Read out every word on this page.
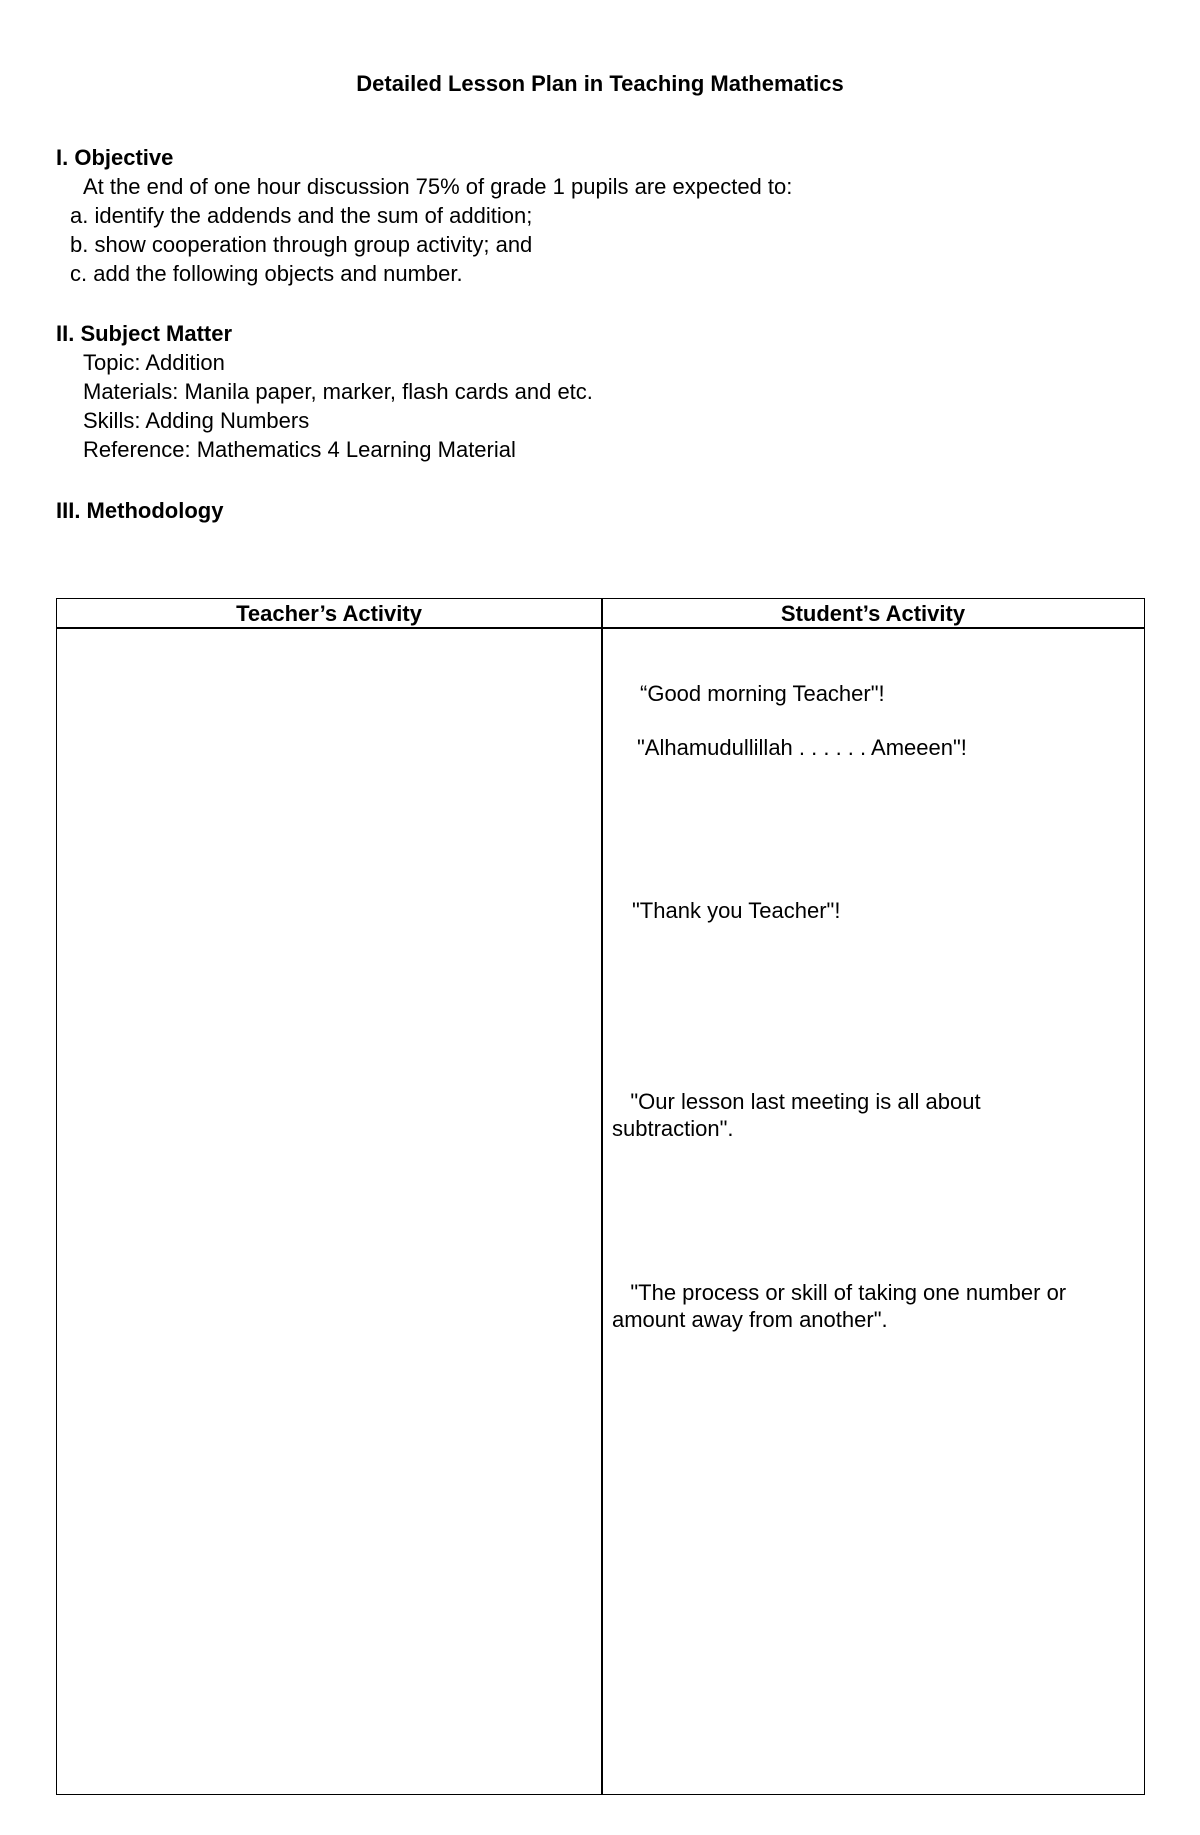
Detailed Lesson Plan in Teaching Mathematics

I. Objective

At the end of one hour discussion 75% of grade 1 pupils are expected to:

a. identify the addends and the sum of addition;

b. show cooperation through group activity; and

c. add the following objects and number.

II. Subject Matter

Topic: Addition

Materials: Manila paper, marker, flash cards and etc.

Skills: Adding Numbers

Reference: Mathematics 4 Learning Material

III. Methodology

Teacher’s Activity	Student’s Activity
“Good morning Teacher"!
"Alhamudullillah . . . . . . Ameeen"!
"Thank you Teacher"!
"Our lesson last meeting is all about
subtraction".
"The process or skill of taking one number or
amount away from another".
